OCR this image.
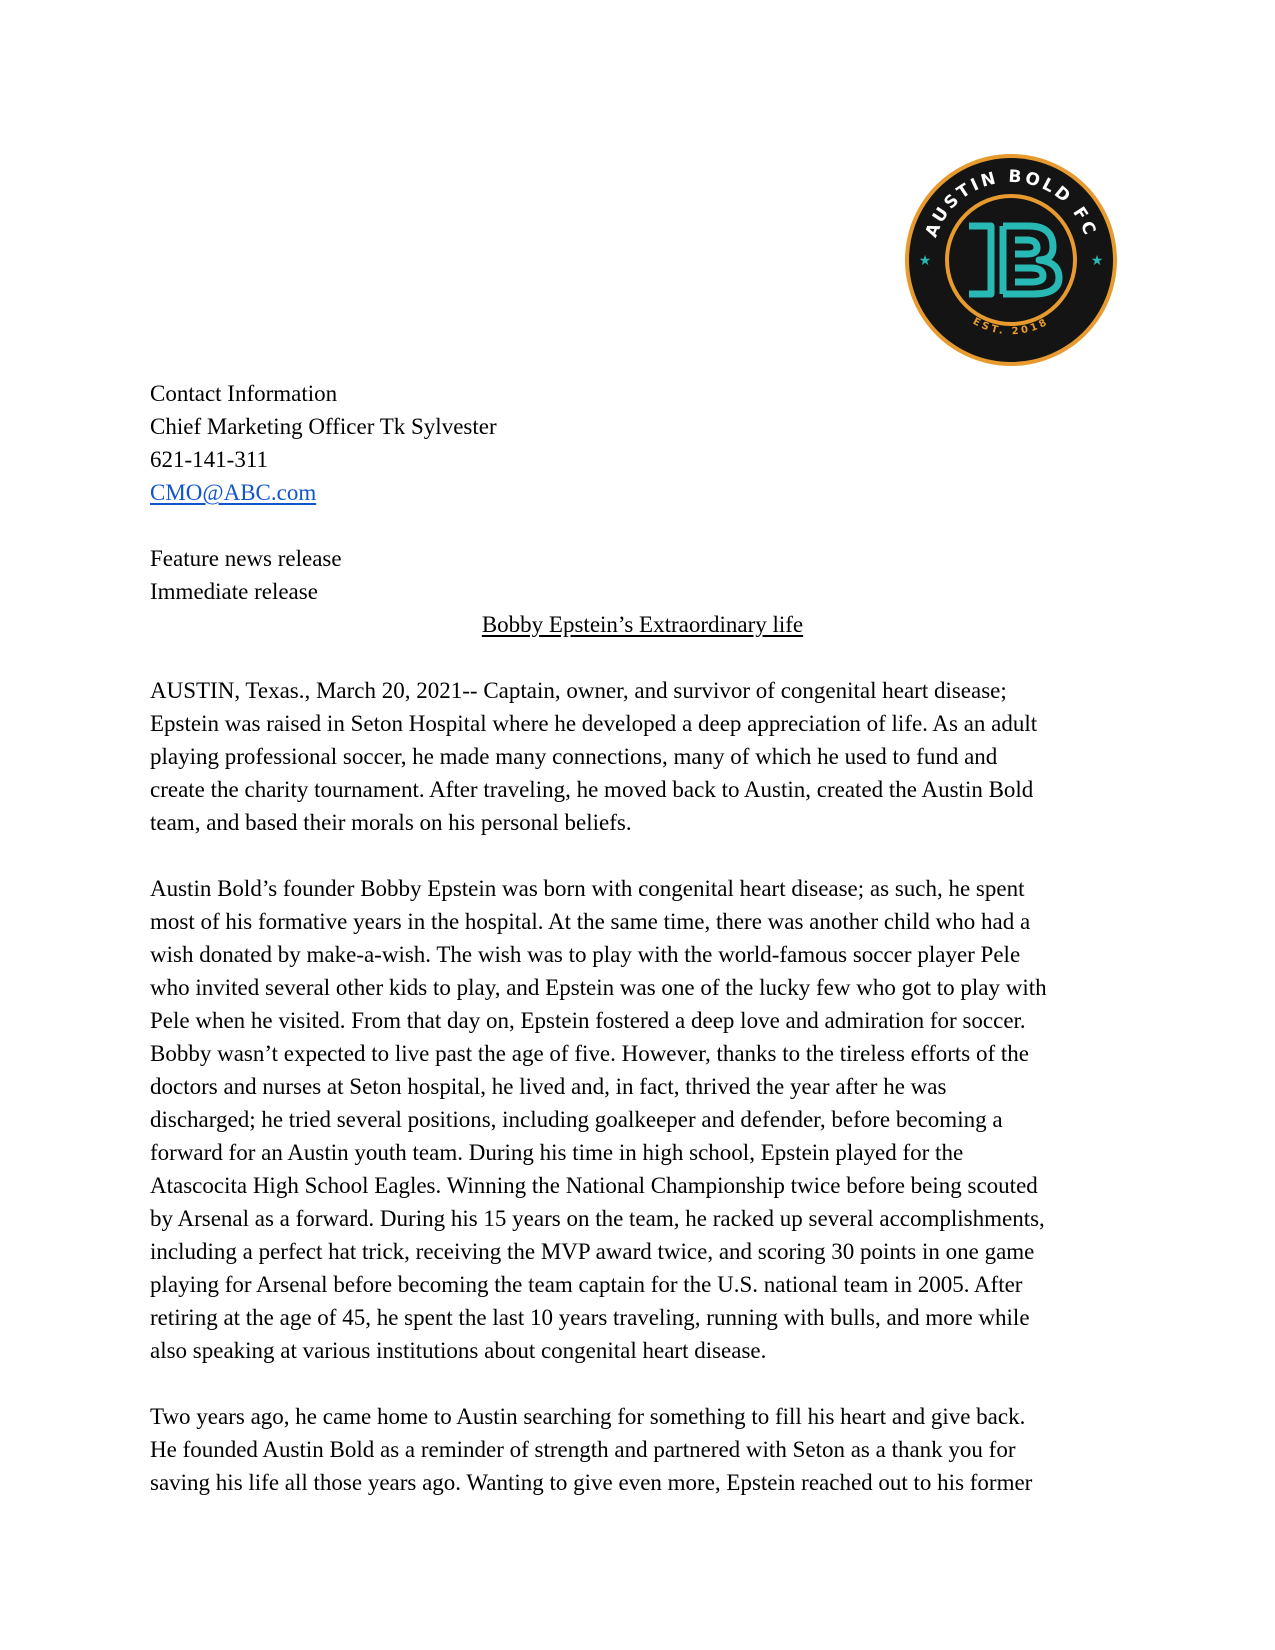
AUSTIN BOLD FC
EST. 2018
★	★
Contact Information
Chief Marketing Officer Tk Sylvester
621-141-311
CMO@ABC.com
Feature news release
Immediate release
Bobby Epstein’s Extraordinary life
AUSTIN, Texas., March 20, 2021-- Captain, owner, and survivor of congenital heart disease;
Epstein was raised in Seton Hospital where he developed a deep appreciation of life. As an adult
playing professional soccer, he made many connections, many of which he used to fund and
create the charity tournament. After traveling, he moved back to Austin, created the Austin Bold
team, and based their morals on his personal beliefs.
Austin Bold’s founder Bobby Epstein was born with congenital heart disease; as such, he spent
most of his formative years in the hospital. At the same time, there was another child who had a
wish donated by make-a-wish. The wish was to play with the world-famous soccer player Pele
who invited several other kids to play, and Epstein was one of the lucky few who got to play with
Pele when he visited. From that day on, Epstein fostered a deep love and admiration for soccer.
Bobby wasn’t expected to live past the age of five. However, thanks to the tireless efforts of the
doctors and nurses at Seton hospital, he lived and, in fact, thrived the year after he was
discharged; he tried several positions, including goalkeeper and defender, before becoming a
forward for an Austin youth team. During his time in high school, Epstein played for the
Atascocita High School Eagles. Winning the National Championship twice before being scouted
by Arsenal as a forward. During his 15 years on the team, he racked up several accomplishments,
including a perfect hat trick, receiving the MVP award twice, and scoring 30 points in one game
playing for Arsenal before becoming the team captain for the U.S. national team in 2005. After
retiring at the age of 45, he spent the last 10 years traveling, running with bulls, and more while
also speaking at various institutions about congenital heart disease.
Two years ago, he came home to Austin searching for something to fill his heart and give back.
He founded Austin Bold as a reminder of strength and partnered with Seton as a thank you for
saving his life all those years ago. Wanting to give even more, Epstein reached out to his former
